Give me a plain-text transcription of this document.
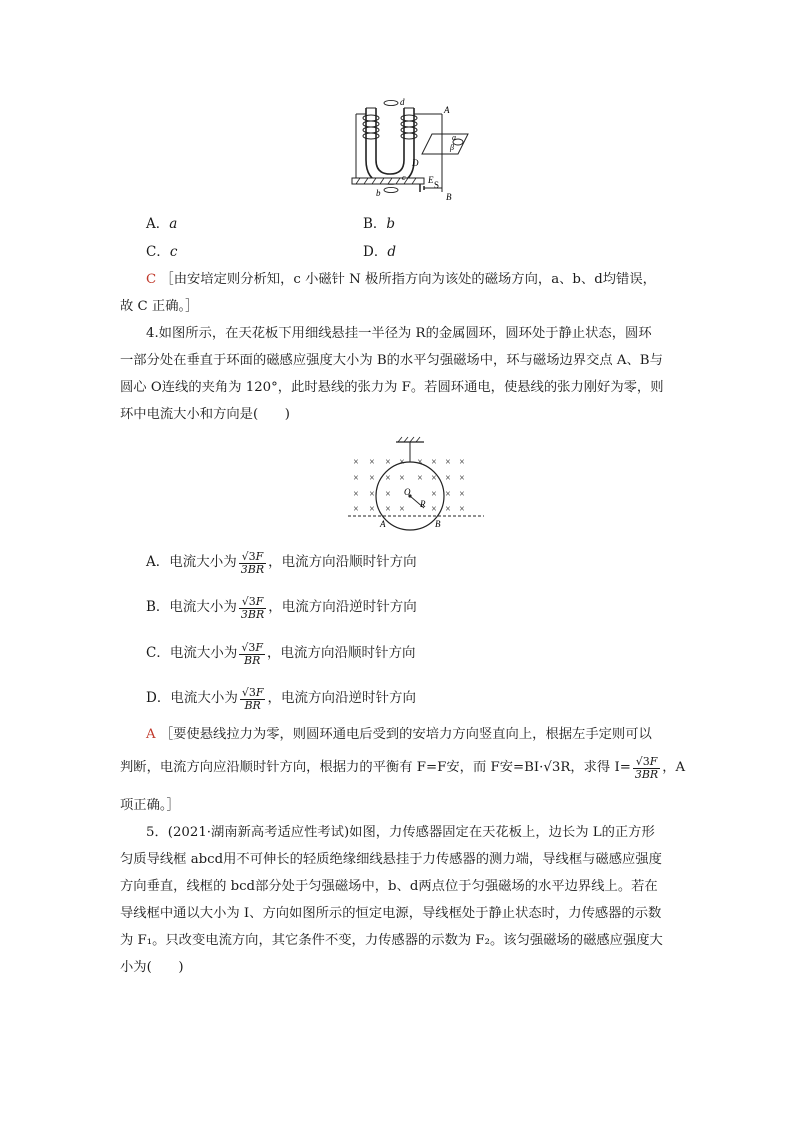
d
A
a
β
D
E S
b	B
c
A．a	B．b
C．c	D．d
C ［由安培定则分析知，c 小磁针 N 极所指方向为该处的磁场方向，a、b、d均错误，
故 C 正确。］
4.如图所示，在天花板下用细线悬挂一半径为 R的金属圆环，圆环处于静止状态，圆环
一部分处在垂直于环面的磁感应强度大小为 B的水平匀强磁场中，环与磁场边界交点 A、B与
圆心 O连线的夹角为 120°，此时悬线的张力为 F。若圆环通电，使悬线的张力刚好为零，则
环中电流大小和方向是(　　)
× × × × × × × ×
× × × × × × × ×
× × ×	× × ×
× × × ×	× × ×
O
R
A	B
A． 电流大小为 $\frac{√3F}{3BR}$ ，电流方向沿顺时针方向
B． 电流大小为 $\frac{√3F}{3BR}$ ，电流方向沿逆时针方向
C． 电流大小为 $\frac{√3F}{BR}$ ，电流方向沿顺时针方向
D． 电流大小为 $\frac{√3F}{BR}$ ，电流方向沿逆时针方向
A ［要使悬线拉力为零，则圆环通电后受到的安培力方向竖直向上，根据左手定则可以
判断，电流方向应沿顺时针方向，根据力的平衡有 F=F安，而 F安=BI·√3R，求得 $I= \frac{√3F}{3BR}$ ，A
项正确。］
5．(2021·湖南新高考适应性考试)如图，力传感器固定在天花板上，边长为 L的正方形
匀质导线框 abcd用不可伸长的轻质绝缘细线悬挂于力传感器的测力端，导线框与磁感应强度
方向垂直，线框的 bcd部分处于匀强磁场中，b、d两点位于匀强磁场的水平边界线上。若在
导线框中通以大小为 I、方向如图所示的恒定电源，导线框处于静止状态时，力传感器的示数
为 F₁。只改变电流方向，其它条件不变，力传感器的示数为 F₂。该匀强磁场的磁感应强度大
小为(　　)
